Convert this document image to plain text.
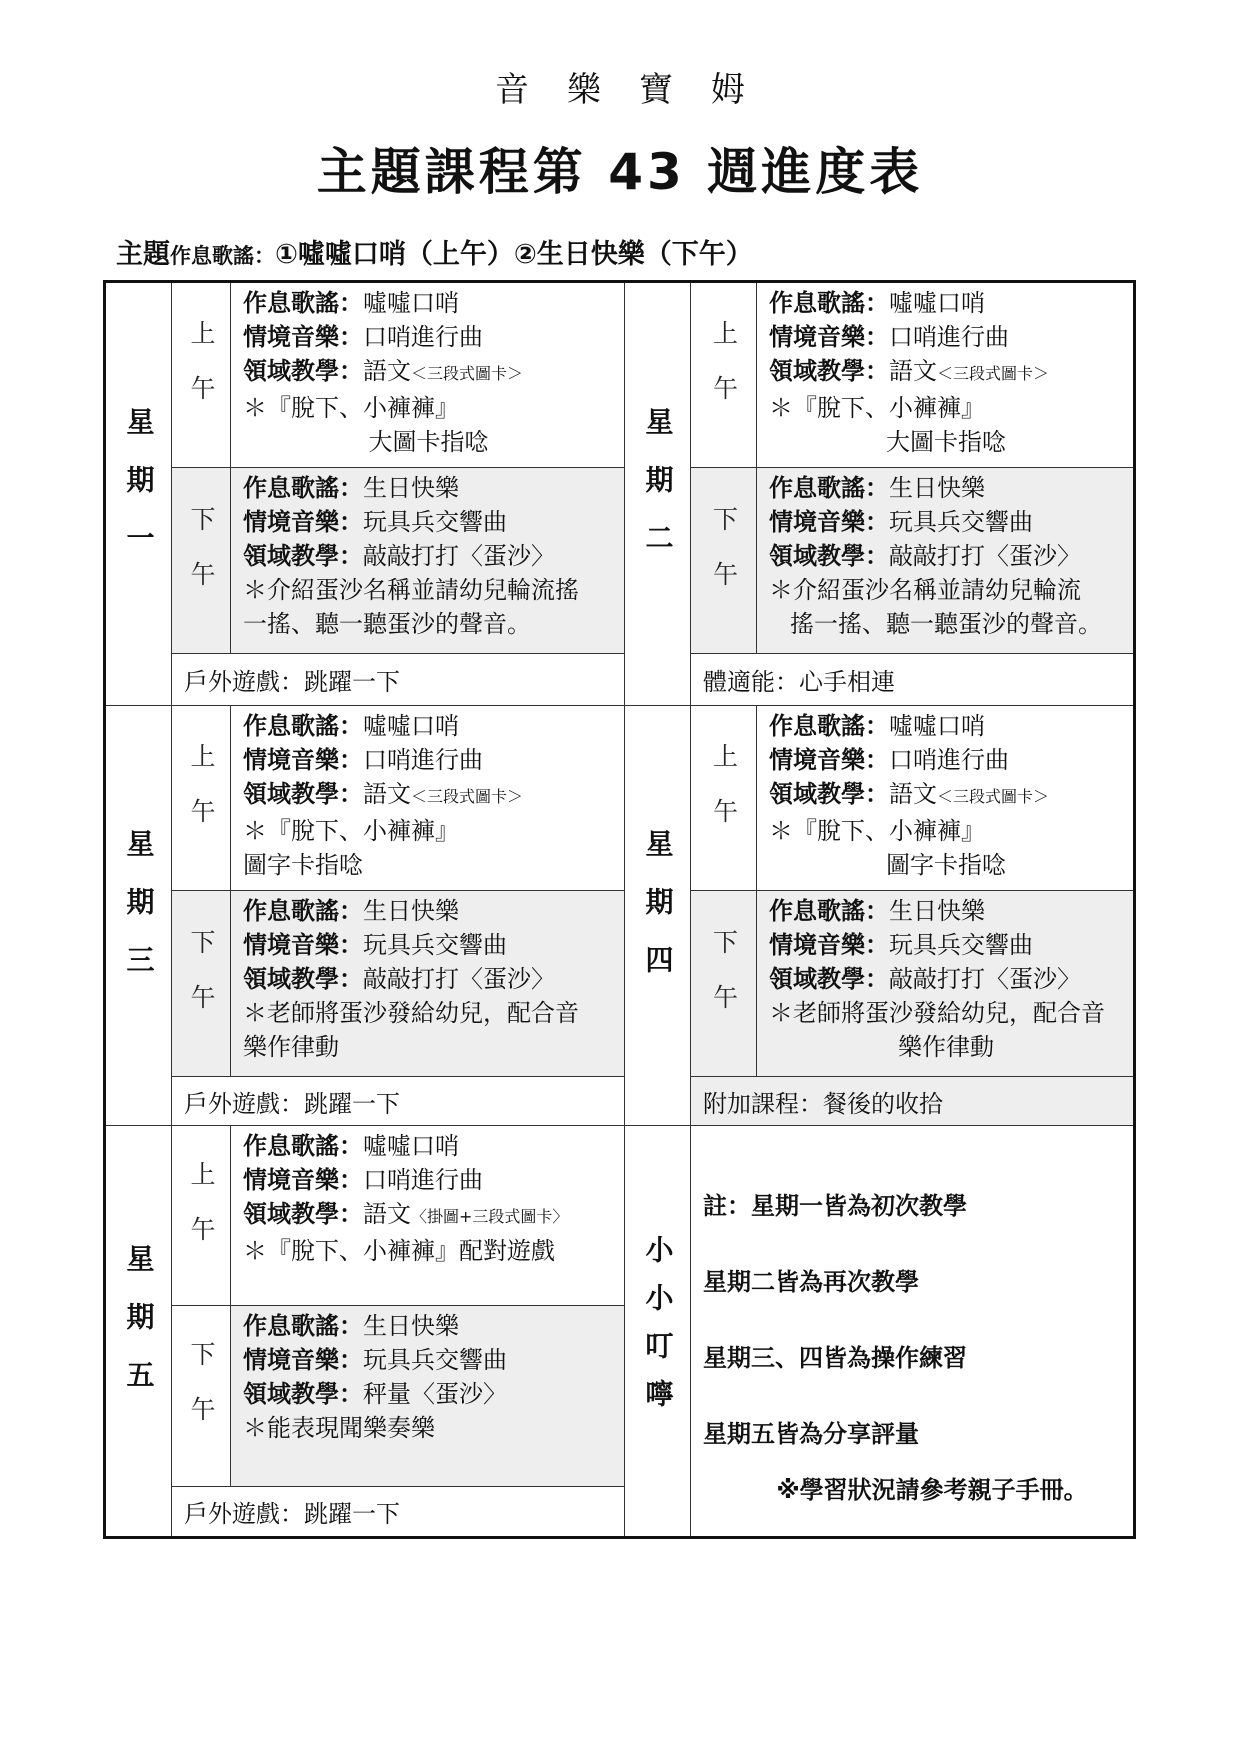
音樂寶姆
主題課程第 43 週進度表
主題作息歌謠：①噓噓口哨（上午）②生日快樂（下午）
星期一
上午
作息歌謠：噓噓口哨
情境音樂：口哨進行曲
領域教學：語文＜三段式圖卡＞
＊『脫下、小褲褲』
大圖卡指唸
下午
作息歌謠：生日快樂
情境音樂：玩具兵交響曲
領域教學：敲敲打打〈蛋沙〉
＊介紹蛋沙名稱並請幼兒輪流搖
一搖、聽一聽蛋沙的聲音。
戶外遊戲：跳躍一下
星期二
上午
作息歌謠：噓噓口哨
情境音樂：口哨進行曲
領域教學：語文＜三段式圖卡＞
＊『脫下、小褲褲』
大圖卡指唸
下午
作息歌謠：生日快樂
情境音樂：玩具兵交響曲
領域教學：敲敲打打〈蛋沙〉
＊介紹蛋沙名稱並請幼兒輪流
搖一搖、聽一聽蛋沙的聲音。
體適能：心手相連
星期三
上午
作息歌謠：噓噓口哨
情境音樂：口哨進行曲
領域教學：語文＜三段式圖卡＞
＊『脫下、小褲褲』
圖字卡指唸
下午
作息歌謠：生日快樂
情境音樂：玩具兵交響曲
領域教學：敲敲打打〈蛋沙〉
＊老師將蛋沙發給幼兒，配合音
樂作律動
戶外遊戲：跳躍一下
星期四
上午
作息歌謠：噓噓口哨
情境音樂：口哨進行曲
領域教學：語文＜三段式圖卡＞
＊『脫下、小褲褲』
圖字卡指唸
下午
作息歌謠：生日快樂
情境音樂：玩具兵交響曲
領域教學：敲敲打打〈蛋沙〉
＊老師將蛋沙發給幼兒，配合音
樂作律動
附加課程：餐後的收拾
星期五
上午
作息歌謠：噓噓口哨
情境音樂：口哨進行曲
領域教學：語文〈掛圖+三段式圖卡〉
＊『脫下、小褲褲』配對遊戲
下午
作息歌謠：生日快樂
情境音樂：玩具兵交響曲
領域教學：秤量〈蛋沙〉
＊能表現聞樂奏樂
戶外遊戲：跳躍一下
小小叮嚀
註：星期一皆為初次教學
星期二皆為再次教學
星期三、四皆為操作練習
星期五皆為分享評量
※學習狀況請參考親子手冊。
